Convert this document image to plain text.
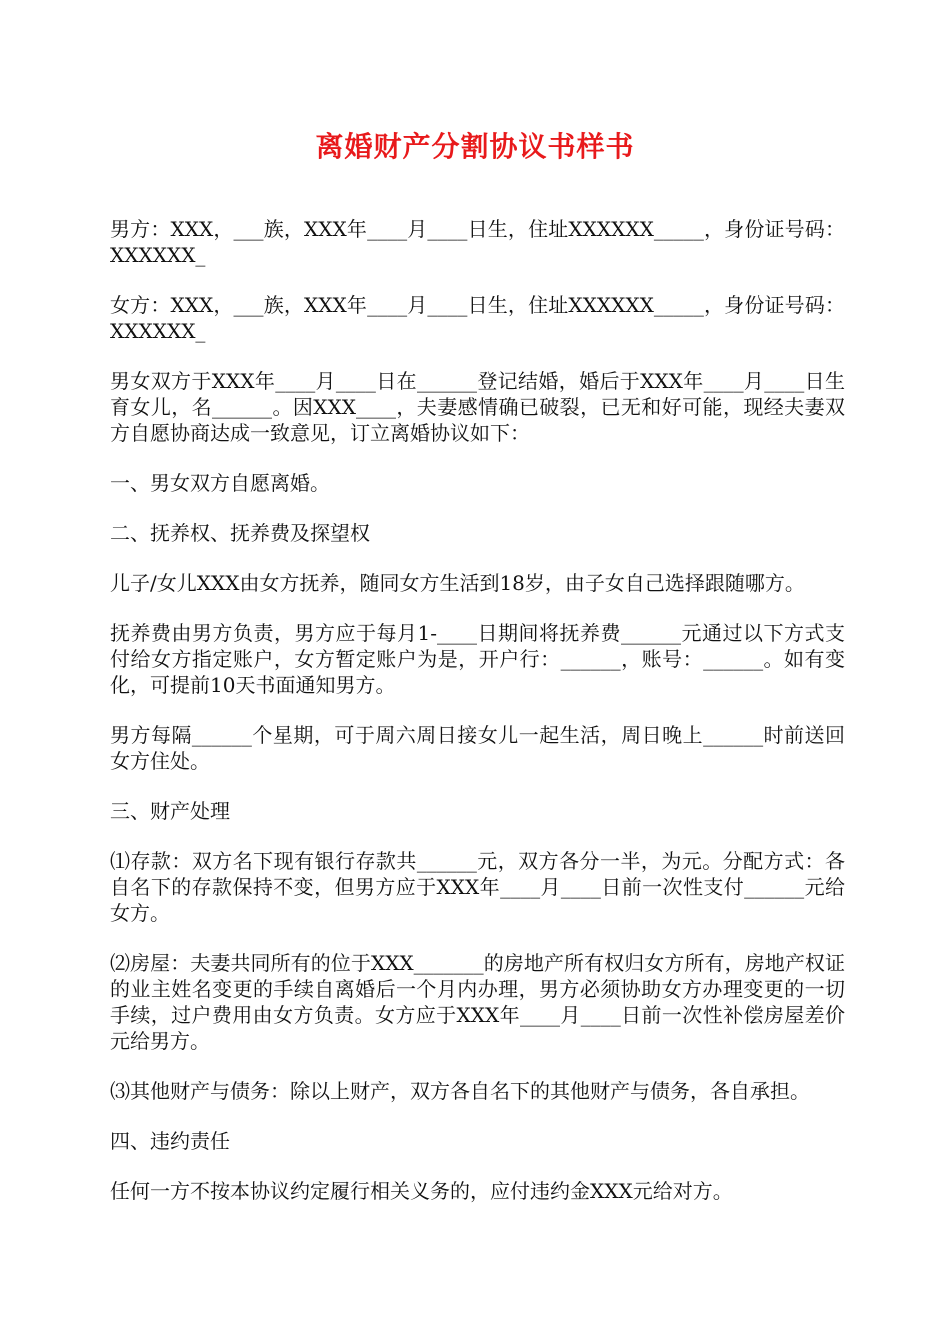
离婚财产分割协议书样书

男方：XXX，___族，XXX年____月____日生，住址XXXXXX_____，身份证号码：XXXXXX_

女方：XXX，___族，XXX年____月____日生，住址XXXXXX_____，身份证号码：XXXXXX_

男女双方于XXX年____月____日在______登记结婚，婚后于XXX年____月____日生育女儿，名______。因XXX____，夫妻感情确已破裂，已无和好可能，现经夫妻双方自愿协商达成一致意见，订立离婚协议如下：

一、男女双方自愿离婚。

二、抚养权、抚养费及探望权

儿子/女儿XXX由女方抚养，随同女方生活到18岁，由子女自己选择跟随哪方。

抚养费由男方负责，男方应于每月1-____日期间将抚养费______元通过以下方式支付给女方指定账户，女方暂定账户为是，开户行：______，账号：______。如有变化，可提前10天书面通知男方。

男方每隔______个星期，可于周六周日接女儿一起生活，周日晚上______时前送回女方住处。

三、财产处理

⑴存款：双方名下现有银行存款共______元，双方各分一半，为元。分配方式：各自名下的存款保持不变，但男方应于XXX年____月____日前一次性支付______元给女方。

⑵房屋：夫妻共同所有的位于XXX_______的房地产所有权归女方所有，房地产权证的业主姓名变更的手续自离婚后一个月内办理，男方必须协助女方办理变更的一切手续，过户费用由女方负责。女方应于XXX年____月____日前一次性补偿房屋差价元给男方。

⑶其他财产与债务：除以上财产，双方各自名下的其他财产与债务，各自承担。

四、违约责任

任何一方不按本协议约定履行相关义务的，应付违约金XXX元给对方。
